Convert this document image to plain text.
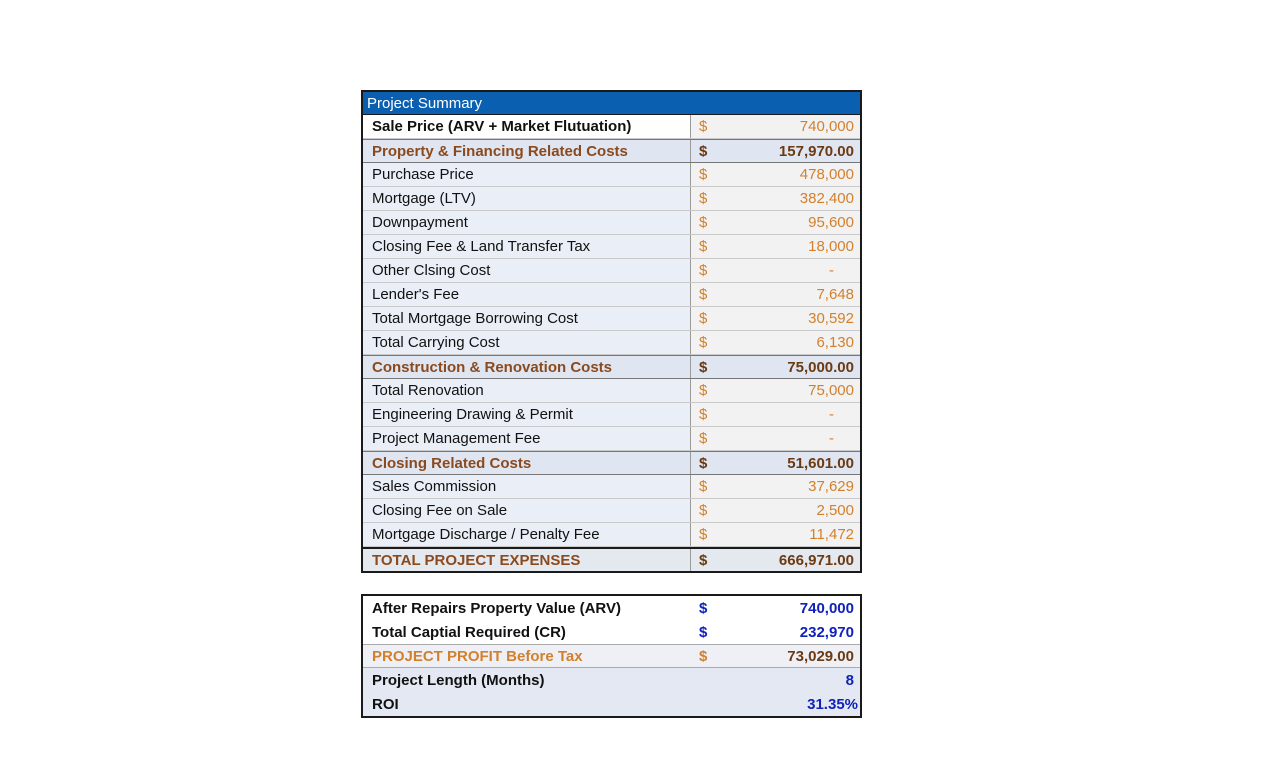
Project Summary
Sale Price (ARV + Market Flutuation)	$	740,000
Property & Financing Related Costs	$	157,970.00
Purchase Price	$	478,000
Mortgage (LTV)	$	382,400
Downpayment	$	95,600
Closing Fee & Land Transfer Tax	$	18,000
Other Clsing Cost	$	-
Lender's Fee	$	7,648
Total Mortgage Borrowing Cost	$	30,592
Total Carrying Cost	$	6,130
Construction & Renovation Costs	$	75,000.00
Total Renovation	$	75,000
Engineering Drawing & Permit	$	-
Project Management Fee	$	-
Closing Related Costs	$	51,601.00
Sales Commission	$	37,629
Closing Fee on Sale	$	2,500
Mortgage Discharge / Penalty Fee	$	11,472
TOTAL PROJECT EXPENSES	$	666,971.00
After Repairs Property Value (ARV)	$	740,000
Total Captial Required (CR)	$	232,970
PROJECT PROFIT Before Tax	$	73,029.00
Project Length (Months)	8
ROI	31.35%
